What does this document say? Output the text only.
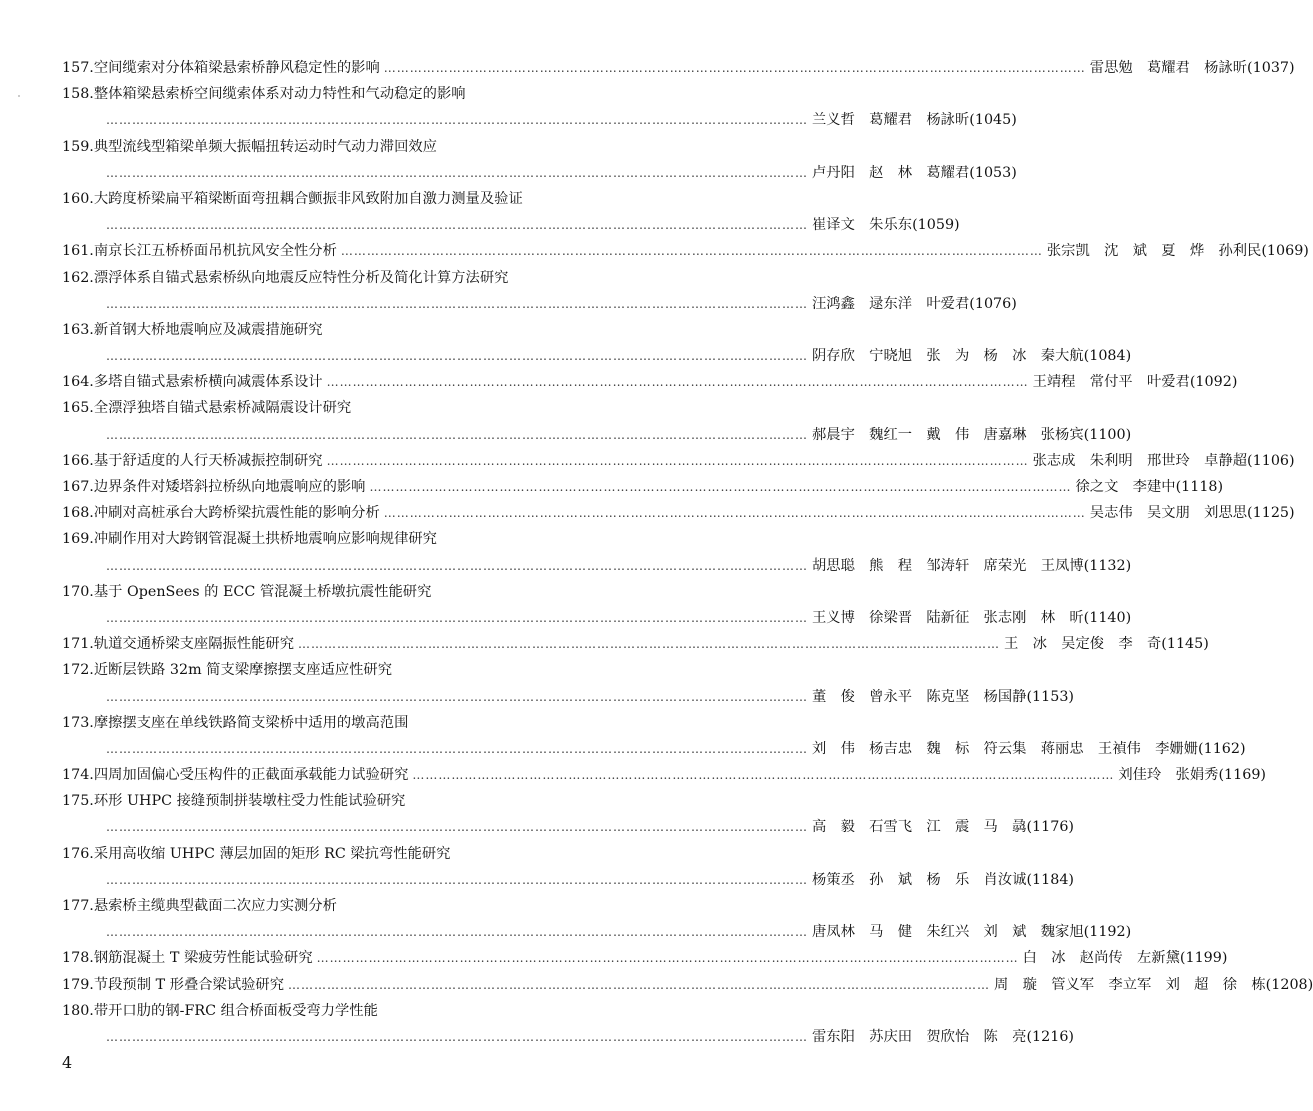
157. 空间缆索对分体箱梁悬索桥静风稳定性的影响 ……………………………………………………………………………………………………………………………………………… 雷思勉　葛耀君　杨詠昕 (1037)
158. 整体箱梁悬索桥空间缆索体系对动力特性和气动稳定的影响
……………………………………………………………………………………………………………………………………………… 兰义哲　葛耀君　杨詠昕 (1045)
159. 典型流线型箱梁单频大振幅扭转运动时气动力滞回效应
……………………………………………………………………………………………………………………………………………… 卢丹阳　赵　林　葛耀君 (1053)
160. 大跨度桥梁扁平箱梁断面弯扭耦合颤振非风致附加自激力测量及验证
……………………………………………………………………………………………………………………………………………… 崔译文　朱乐东 (1059)
161. 南京长江五桥桥面吊机抗风安全性分析 ……………………………………………………………………………………………………………………………………………… 张宗凯　沈　斌　夏　烨　孙利民 (1069)
162. 漂浮体系自锚式悬索桥纵向地震反应特性分析及简化计算方法研究
……………………………………………………………………………………………………………………………………………… 汪鸿鑫　逯东洋　叶爱君 (1076)
163. 新首钢大桥地震响应及减震措施研究
……………………………………………………………………………………………………………………………………………… 阴存欣　宁晓旭　张　为　杨　冰　秦大航 (1084)
164. 多塔自锚式悬索桥横向减震体系设计 ……………………………………………………………………………………………………………………………………………… 王靖程　常付平　叶爱君 (1092)
165. 全漂浮独塔自锚式悬索桥减隔震设计研究
……………………………………………………………………………………………………………………………………………… 郝晨宇　魏红一　戴　伟　唐嘉琳　张杨宾 (1100)
166. 基于舒适度的人行天桥减振控制研究 ……………………………………………………………………………………………………………………………………………… 张志成　朱利明　邢世玲　卓静超 (1106)
167. 边界条件对矮塔斜拉桥纵向地震响应的影响 ……………………………………………………………………………………………………………………………………………… 徐之文　李建中 (1118)
168. 冲刷对高桩承台大跨桥梁抗震性能的影响分析 ……………………………………………………………………………………………………………………………………………… 吴志伟　吴文朋　刘思思 (1125)
169. 冲刷作用对大跨钢管混凝土拱桥地震响应影响规律研究
……………………………………………………………………………………………………………………………………………… 胡思聪　熊　程　邹涛轩　席荣光　王凤博 (1132)
170. 基于 OpenSees 的 ECC 管混凝土桥墩抗震性能研究
……………………………………………………………………………………………………………………………………………… 王义博　徐梁晋　陆新征　张志刚　林　昕 (1140)
171. 轨道交通桥梁支座隔振性能研究 ……………………………………………………………………………………………………………………………………………… 王　冰　吴定俊　李　奇 (1145)
172. 近断层铁路 32m 简支梁摩擦摆支座适应性研究
……………………………………………………………………………………………………………………………………………… 董　俊　曾永平　陈克坚　杨国静 (1153)
173. 摩擦摆支座在单线铁路简支梁桥中适用的墩高范围
……………………………………………………………………………………………………………………………………………… 刘　伟　杨吉忠　魏　标　符云集　蒋丽忠　王禎伟　李姗姗 (1162)
174. 四周加固偏心受压构件的正截面承载能力试验研究 ……………………………………………………………………………………………………………………………………………… 刘佳玲　张娟秀 (1169)
175. 环形 UHPC 接缝预制拼装墩柱受力性能试验研究
……………………………………………………………………………………………………………………………………………… 高　毅　石雪飞　江　震　马　骉 (1176)
176. 采用高收缩 UHPC 薄层加固的矩形 RC 梁抗弯性能研究
……………………………………………………………………………………………………………………………………………… 杨策丞　孙　斌　杨　乐　肖汝诚 (1184)
177. 悬索桥主缆典型截面二次应力实测分析
……………………………………………………………………………………………………………………………………………… 唐凤林　马　健　朱红兴　刘　斌　魏家旭 (1192)
178. 钢筋混凝土 T 梁疲劳性能试验研究 ……………………………………………………………………………………………………………………………………………… 白　冰　赵尚传　左新黛 (1199)
179. 节段预制 T 形叠合梁试验研究 ……………………………………………………………………………………………………………………………………………… 周　璇　管义军　李立军　刘　超　徐　栋 (1208)
180. 带开口肋的钢-FRC 组合桥面板受弯力学性能
……………………………………………………………………………………………………………………………………………… 雷东阳　苏庆田　贺欣怡　陈　亮 (1216)
4
